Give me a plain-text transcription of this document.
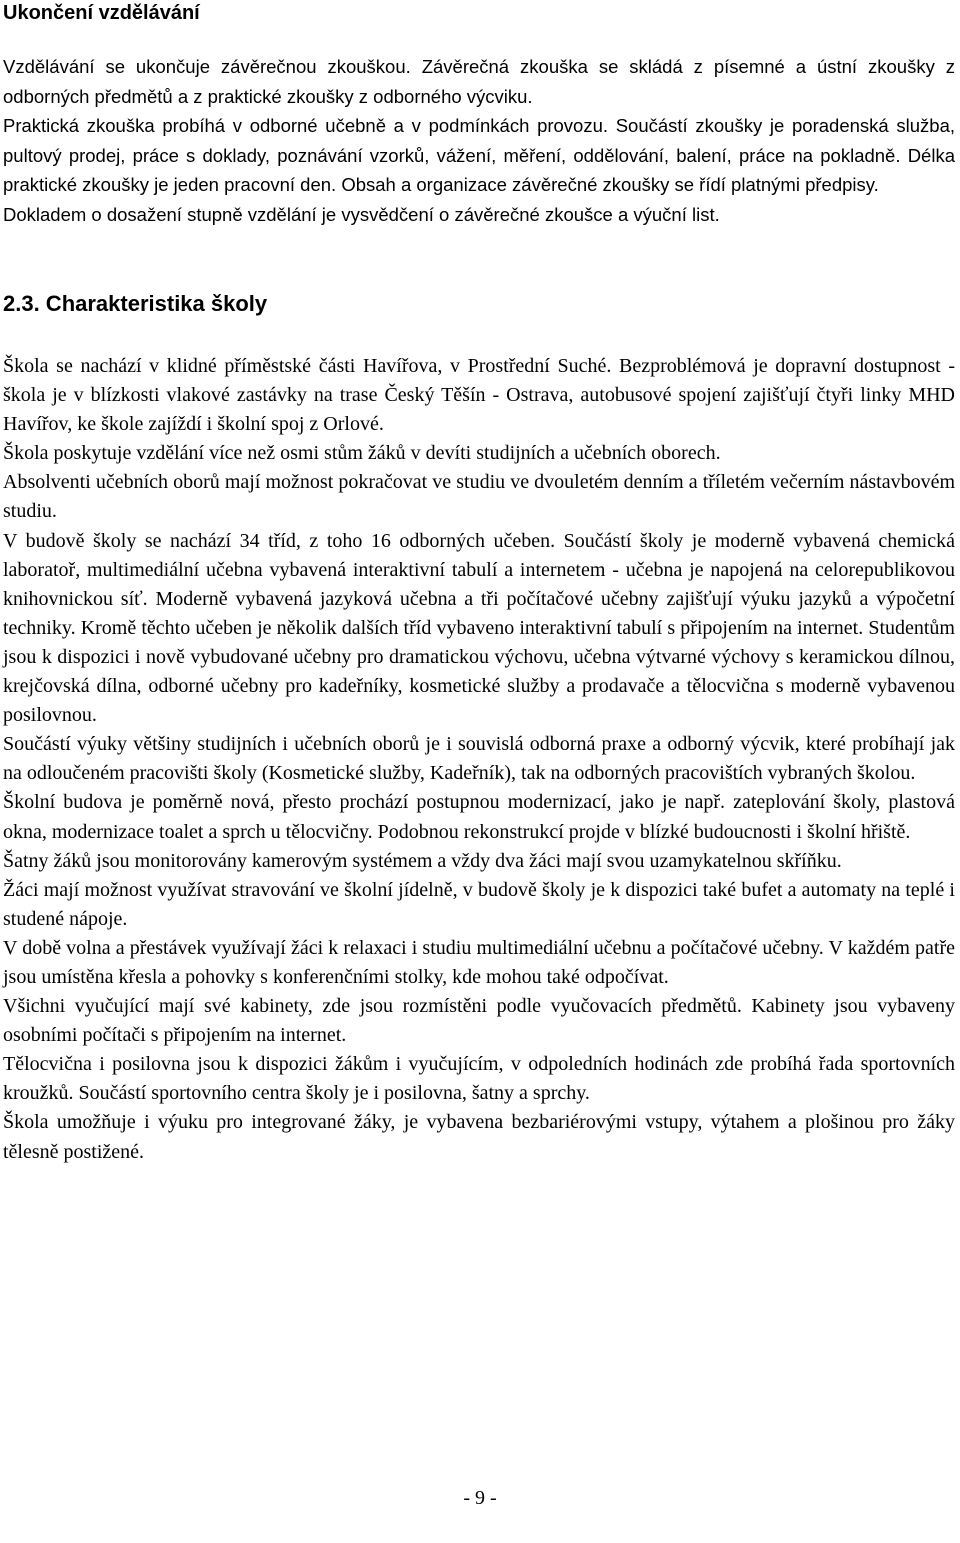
Ukončení vzdělávání

Vzdělávání se ukončuje závěrečnou zkouškou. Závěrečná zkouška se skládá z písemné a ústní zkoušky z odborných předmětů a z praktické zkoušky z odborného výcviku.

Praktická zkouška probíhá v odborné učebně a v podmínkách provozu. Součástí zkoušky je poradenská služba, pultový prodej, práce s doklady, poznávání vzorků, vážení, měření, oddělování, balení, práce na pokladně. Délka praktické zkoušky je jeden pracovní den. Obsah a organizace závěrečné zkoušky se řídí platnými předpisy.

Dokladem o dosažení stupně vzdělání je vysvědčení o závěrečné zkoušce a výuční list.

2.3. Charakteristika školy

Škola se nachází v klidné příměstské části Havířova, v Prostřední Suché. Bezproblémová je dopravní dostupnost - škola je v blízkosti vlakové zastávky na trase Český Těšín - Ostrava, autobusové spojení zajišťují čtyři linky MHD Havířov, ke škole zajíždí i školní spoj z Orlové.

Škola poskytuje vzdělání více než osmi stům žáků v devíti studijních a učebních oborech.

Absolventi učebních oborů mají možnost pokračovat ve studiu ve dvouletém denním a tříletém večerním nástavbovém studiu.

V budově školy se nachází 34 tříd, z toho 16 odborných učeben. Součástí školy je moderně vybavená chemická laboratoř, multimediální učebna vybavená interaktivní tabulí a internetem - učebna je napojená na celorepublikovou knihovnickou síť. Moderně vybavená jazyková učebna a tři počítačové učebny zajišťují výuku jazyků a výpočetní techniky. Kromě těchto učeben je několik dalších tříd vybaveno interaktivní tabulí s připojením na internet. Studentům jsou k dispozici i nově vybudované učebny pro dramatickou výchovu, učebna výtvarné výchovy s keramickou dílnou, krejčovská dílna, odborné učebny pro kadeřníky, kosmetické služby a prodavače a tělocvična s moderně vybavenou posilovnou.

Součástí výuky většiny studijních i učebních oborů je i souvislá odborná praxe a odborný výcvik, které probíhají jak na odloučeném pracovišti školy (Kosmetické služby, Kadeřník), tak na odborných pracovištích vybraných školou.

Školní budova je poměrně nová, přesto prochází postupnou modernizací, jako je např. zateplování školy, plastová okna, modernizace toalet a sprch u tělocvičny. Podobnou rekonstrukcí projde v blízké budoucnosti i školní hřiště.

Šatny žáků jsou monitorovány kamerovým systémem a vždy dva žáci mají svou uzamykatelnou skříňku.

Žáci mají možnost využívat stravování ve školní jídelně, v budově školy je k dispozici také bufet a automaty na teplé i studené nápoje.

V době volna a přestávek využívají žáci k relaxaci i studiu multimediální učebnu a počítačové učebny. V každém patře jsou umístěna křesla a pohovky s konferenčními stolky, kde mohou také odpočívat.

Všichni vyučující mají své kabinety, zde jsou rozmístěni podle vyučovacích předmětů. Kabinety jsou vybaveny osobními počítači s připojením na internet.

Tělocvična i posilovna jsou k dispozici žákům i vyučujícím, v odpoledních hodinách zde probíhá řada sportovních kroužků. Součástí sportovního centra školy je i posilovna, šatny a sprchy.

Škola umožňuje i výuku pro integrované žáky, je vybavena bezbariérovými vstupy, výtahem a plošinou pro žáky tělesně postižené.

- 9 -
